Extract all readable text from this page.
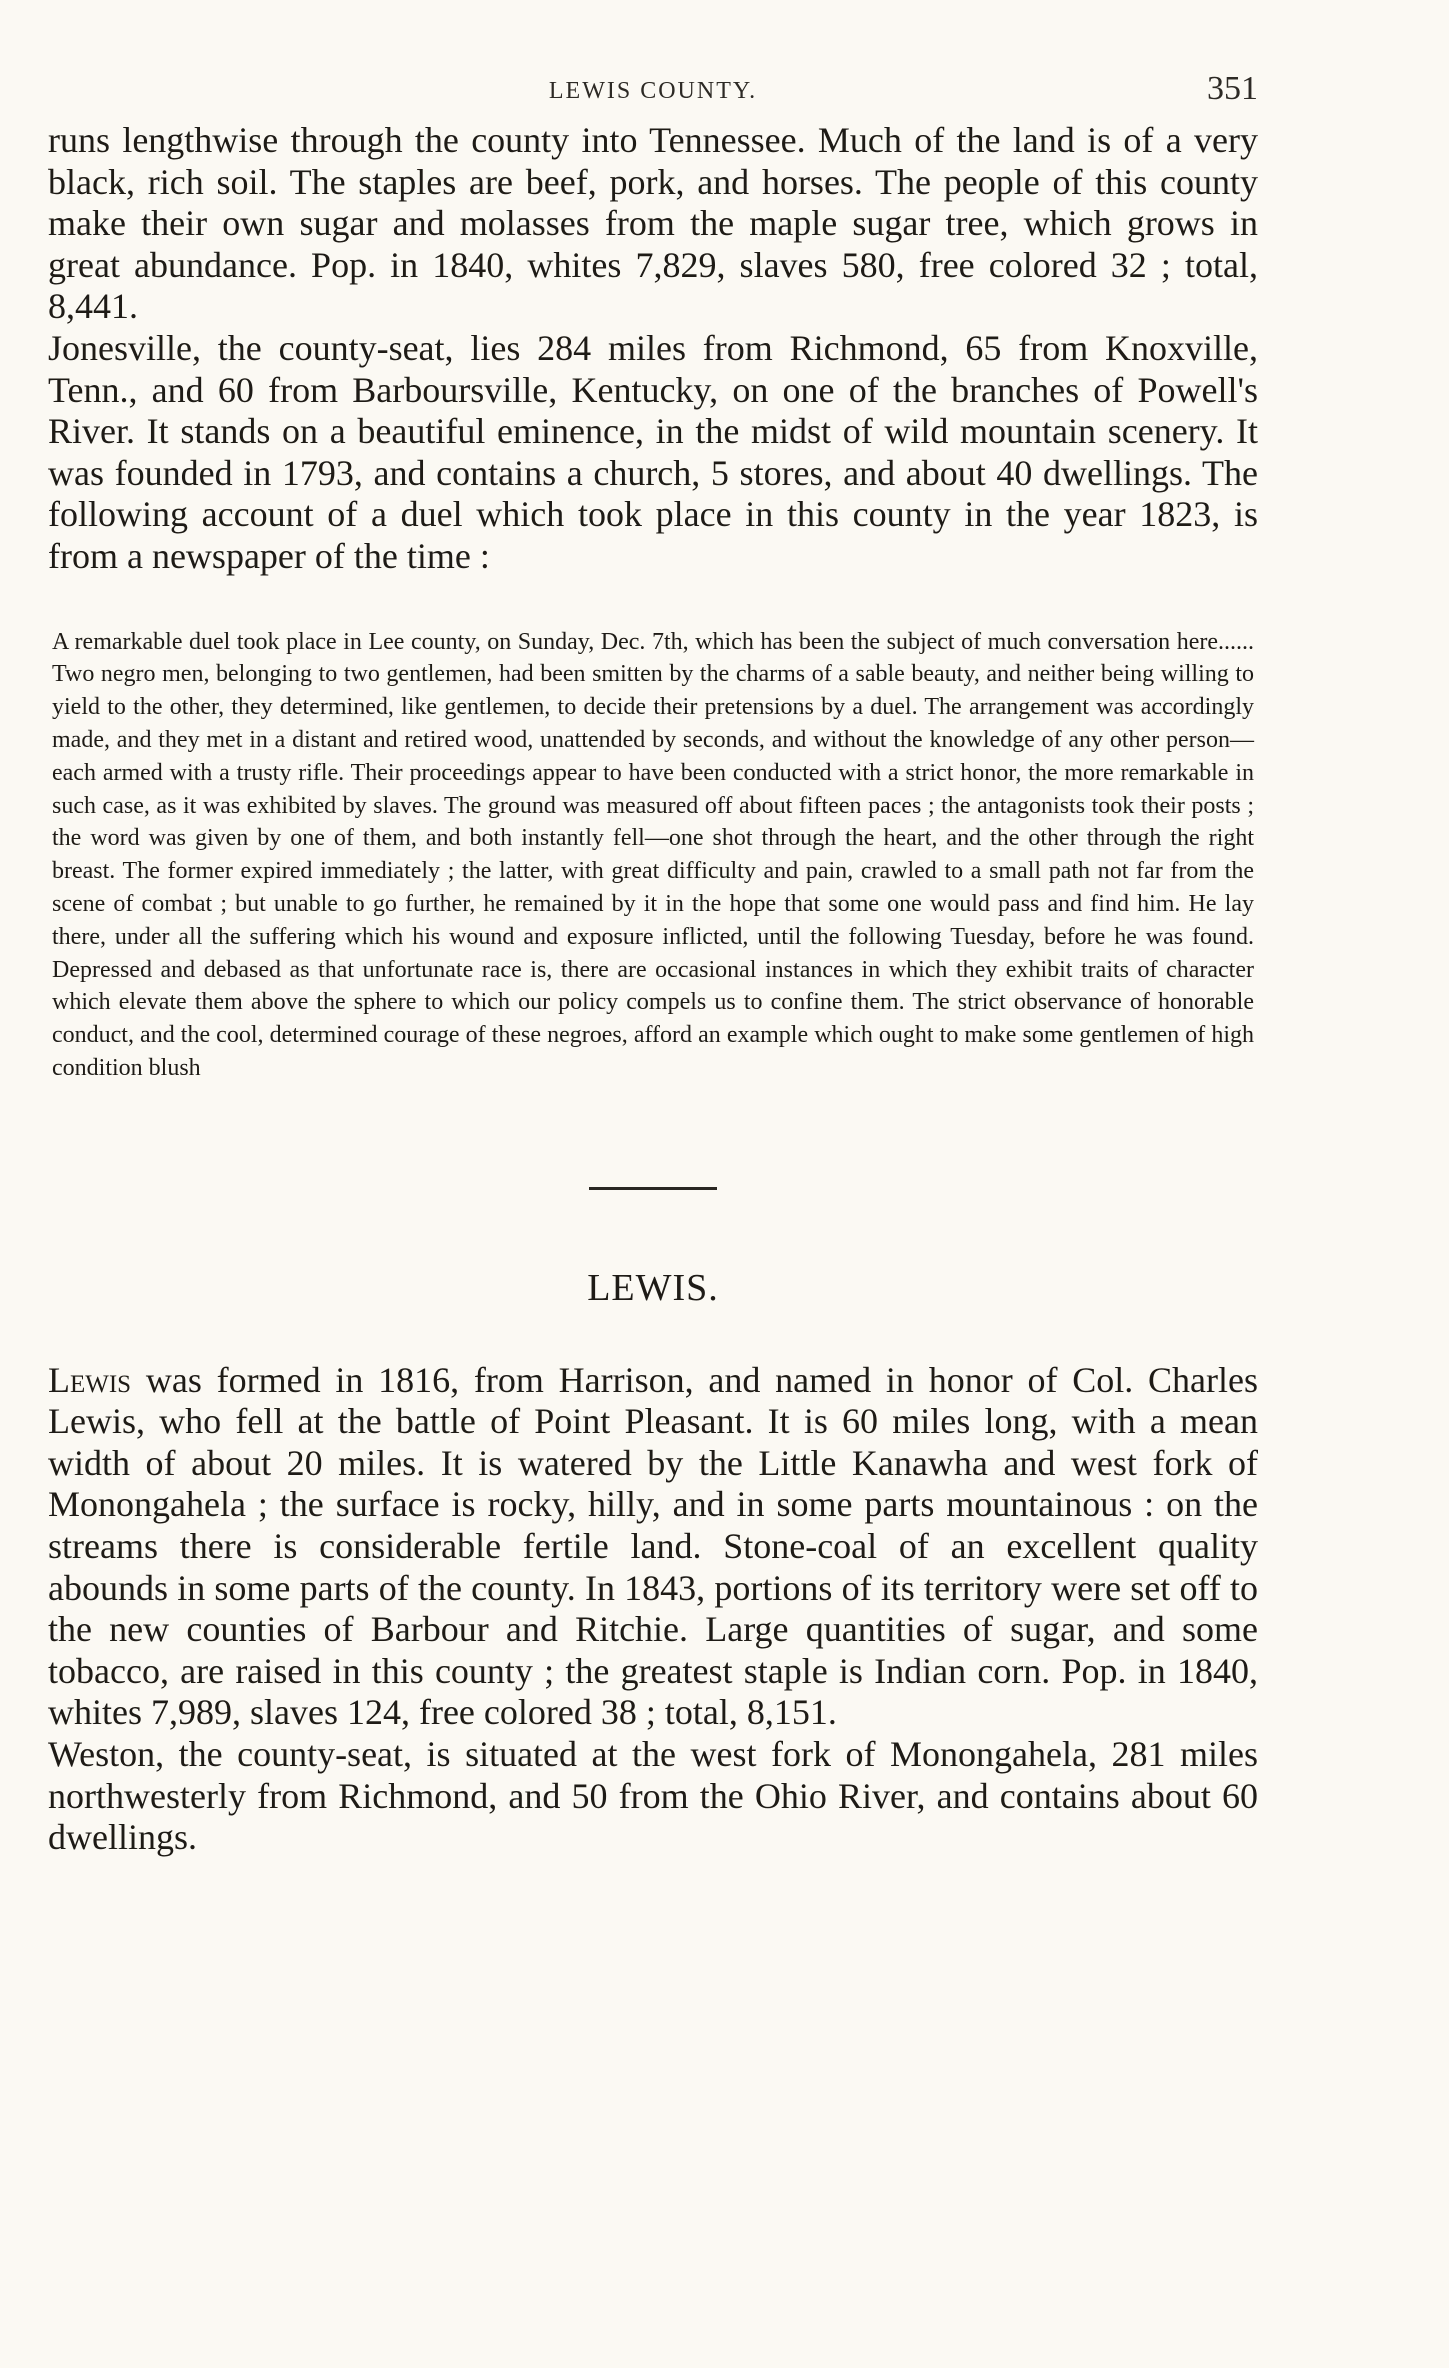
LEWIS COUNTY.	351

runs lengthwise through the county into Tennessee. Much of the land is of a very black, rich soil. The staples are beef, pork, and horses. The people of this county make their own sugar and molasses from the maple sugar tree, which grows in great abundance. Pop. in 1840, whites 7,829, slaves 580, free colored 32 ; total, 8,441.

Jonesville, the county-seat, lies 284 miles from Richmond, 65 from Knoxville, Tenn., and 60 from Barboursville, Kentucky, on one of the branches of Powell's River. It stands on a beautiful eminence, in the midst of wild mountain scenery. It was founded in 1793, and contains a church, 5 stores, and about 40 dwellings. The following account of a duel which took place in this county in the year 1823, is from a newspaper of the time :

A remarkable duel took place in Lee county, on Sunday, Dec. 7th, which has been the subject of much conversation here...... Two negro men, belonging to two gentlemen, had been smitten by the charms of a sable beauty, and neither being willing to yield to the other, they determined, like gentlemen, to decide their pretensions by a duel. The arrangement was accordingly made, and they met in a distant and retired wood, unattended by seconds, and without the knowledge of any other person—each armed with a trusty rifle. Their proceedings appear to have been conducted with a strict honor, the more remarkable in such case, as it was exhibited by slaves. The ground was measured off about fifteen paces ; the antagonists took their posts ; the word was given by one of them, and both instantly fell—one shot through the heart, and the other through the right breast. The former expired immediately ; the latter, with great difficulty and pain, crawled to a small path not far from the scene of combat ; but unable to go further, he remained by it in the hope that some one would pass and find him. He lay there, under all the suffering which his wound and exposure inflicted, until the following Tuesday, before he was found. Depressed and debased as that unfortunate race is, there are occasional instances in which they exhibit traits of character which elevate them above the sphere to which our policy compels us to confine them. The strict observance of honorable conduct, and the cool, determined courage of these negroes, afford an example which ought to make some gentlemen of high condition blush

LEWIS.

Lewis was formed in 1816, from Harrison, and named in honor of Col. Charles Lewis, who fell at the battle of Point Pleasant. It is 60 miles long, with a mean width of about 20 miles. It is watered by the Little Kanawha and west fork of Monongahela ; the surface is rocky, hilly, and in some parts mountainous : on the streams there is considerable fertile land. Stone-coal of an excellent quality abounds in some parts of the county. In 1843, portions of its territory were set off to the new counties of Barbour and Ritchie. Large quantities of sugar, and some tobacco, are raised in this county ; the greatest staple is Indian corn. Pop. in 1840, whites 7,989, slaves 124, free colored 38 ; total, 8,151.

Weston, the county-seat, is situated at the west fork of Monongahela, 281 miles northwesterly from Richmond, and 50 from the Ohio River, and contains about 60 dwellings.
